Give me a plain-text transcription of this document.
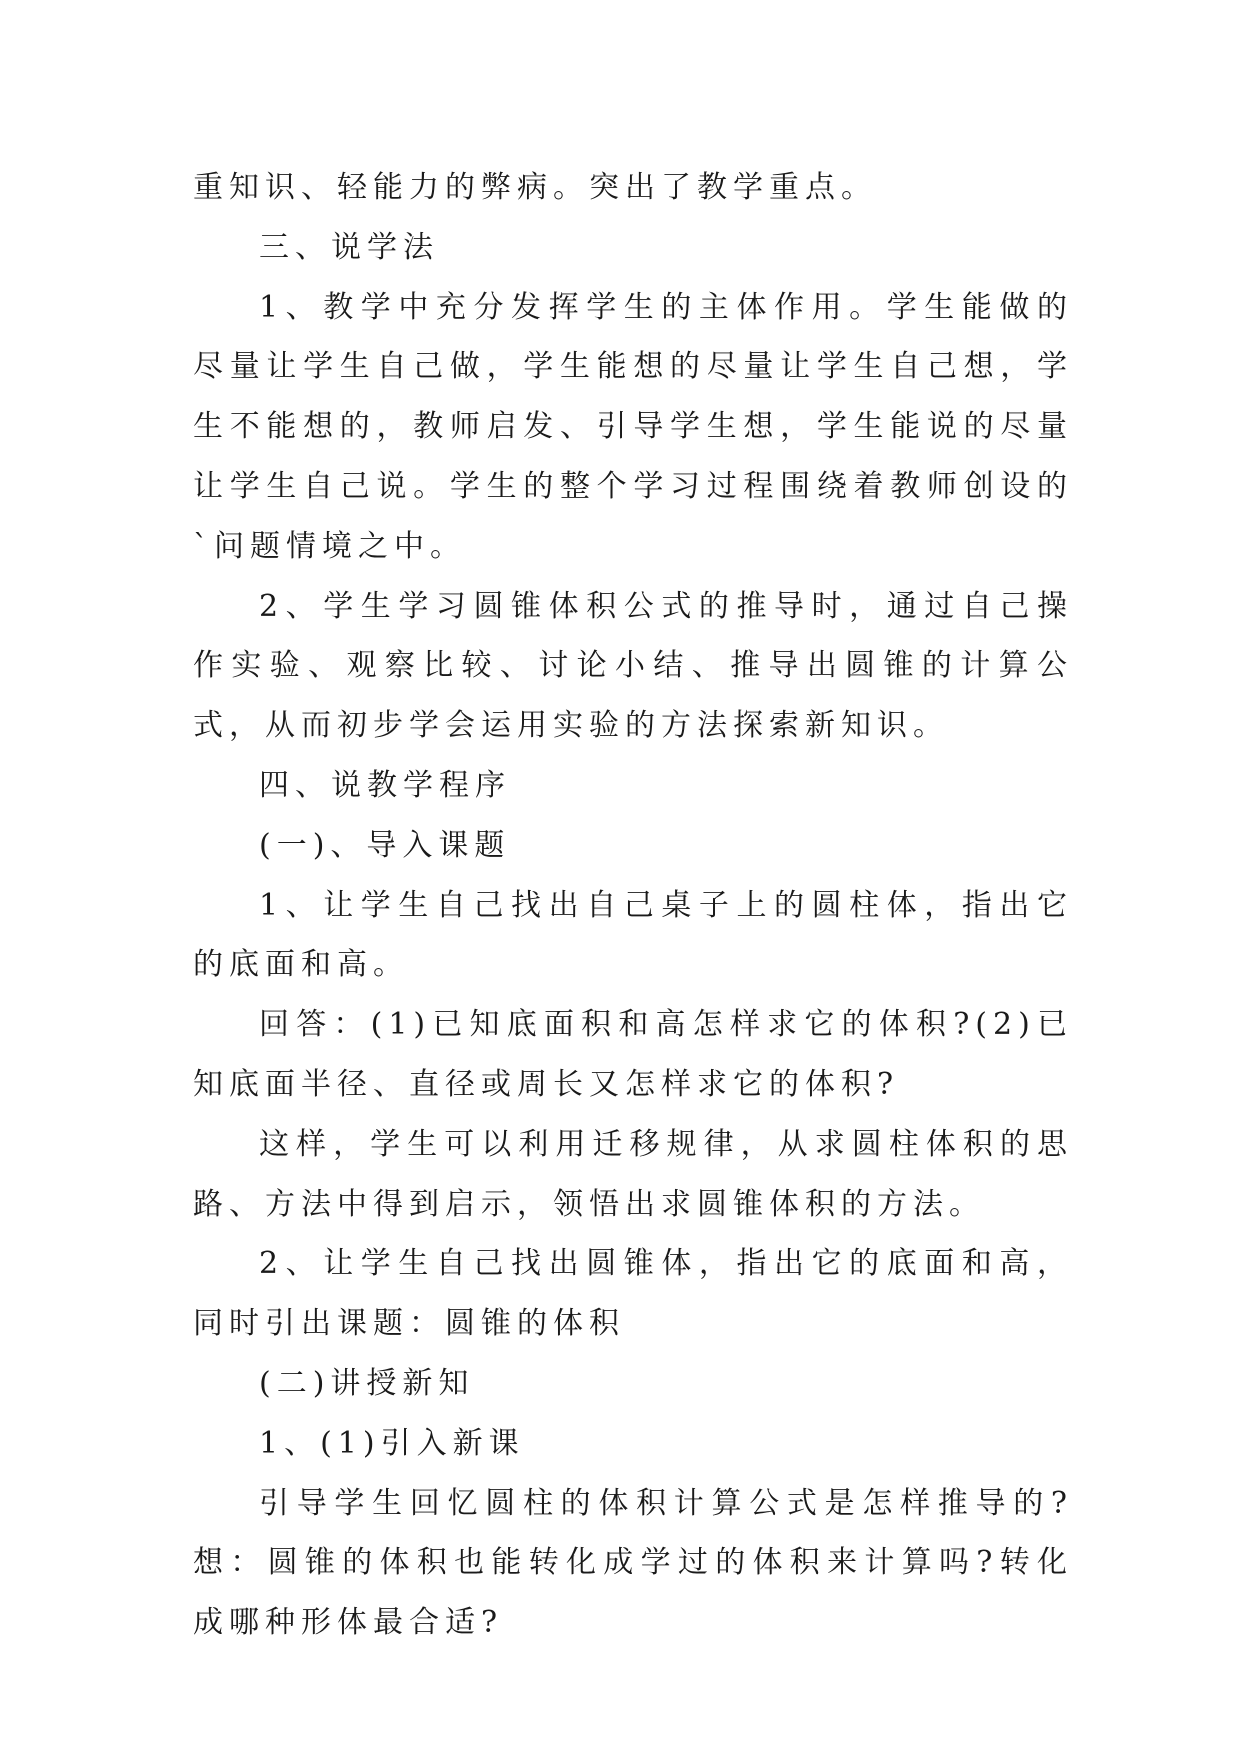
重知识、轻能力的弊病。突出了教学重点。

三、说学法

1、教学中充分发挥学生的主体作用。学生能做的尽量让学生自己做，学生能想的尽量让学生自己想，学生不能想的，教师启发、引导学生想，学生能说的尽量让学生自己说。学生的整个学习过程围绕着教师创设的`问题情境之中。

2、学生学习圆锥体积公式的推导时，通过自己操作实验、观察比较、讨论小结、推导出圆锥的计算公式，从而初步学会运用实验的方法探索新知识。

四、说教学程序

(一)、导入课题

1、让学生自己找出自己桌子上的圆柱体，指出它的底面和高。

回答：(1)已知底面积和高怎样求它的体积?(2)已知底面半径、直径或周长又怎样求它的体积?

这样，学生可以利用迁移规律，从求圆柱体积的思路、方法中得到启示，领悟出求圆锥体积的方法。

2、让学生自己找出圆锥体，指出它的底面和高，同时引出课题：圆锥的体积

(二)讲授新知

1、(1)引入新课

引导学生回忆圆柱的体积计算公式是怎样推导的?想：圆锥的体积也能转化成学过的体积来计算吗?转化成哪种形体最合适?
